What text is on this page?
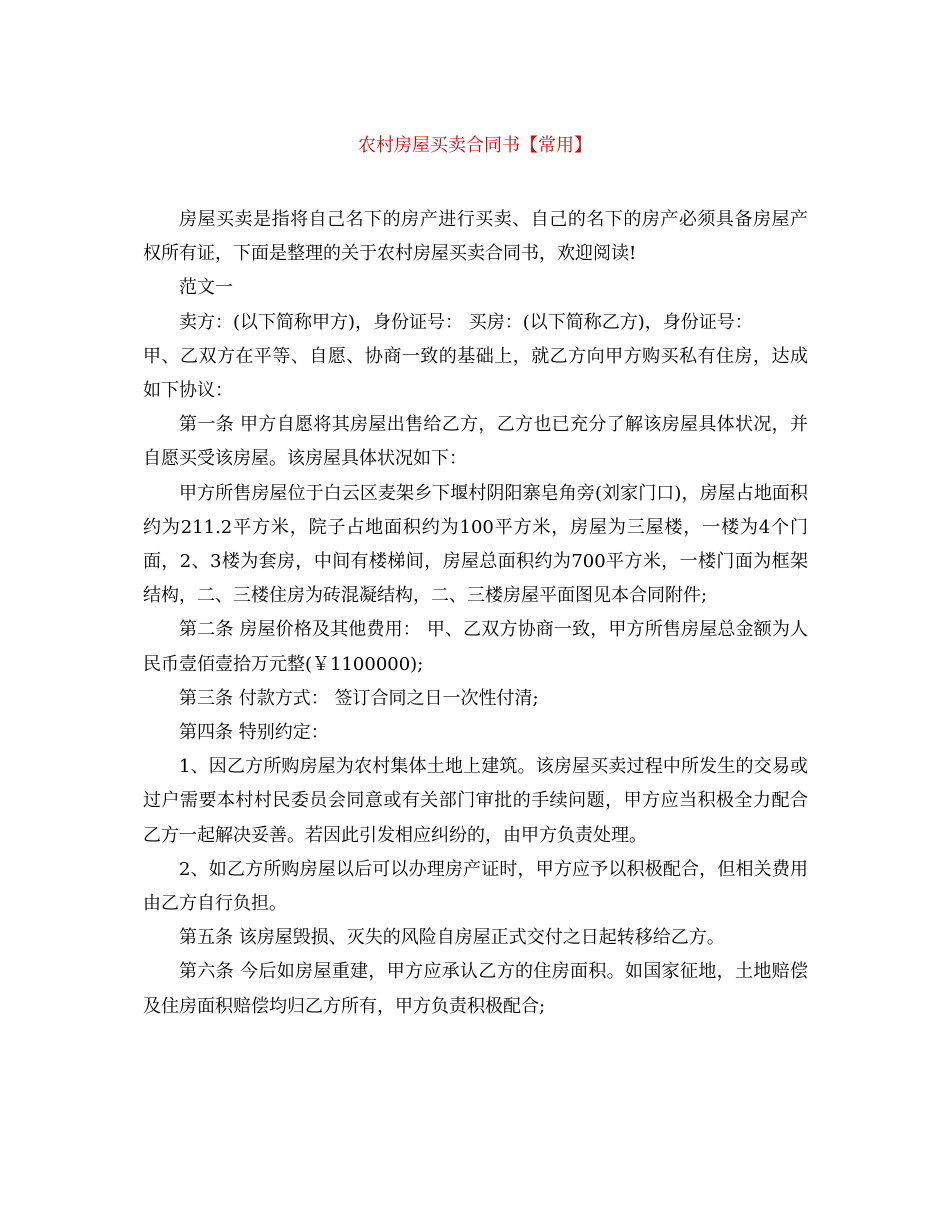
农村房屋买卖合同书【常用】

房屋买卖是指将自己名下的房产进行买卖、自己的名下的房产必须具备房屋产权所有证，下面是整理的关于农村房屋买卖合同书，欢迎阅读!

范文一

卖方：(以下简称甲方)，身份证号： 买房：(以下简称乙方)，身份证号：

甲、乙双方在平等、自愿、协商一致的基础上，就乙方向甲方购买私有住房，达成如下协议：

第一条 甲方自愿将其房屋出售给乙方，乙方也已充分了解该房屋具体状况，并自愿买受该房屋。该房屋具体状况如下：

甲方所售房屋位于白云区麦架乡下堰村阴阳寨皂角旁(刘家门口)，房屋占地面积约为211.2平方米，院子占地面积约为100平方米，房屋为三屋楼，一楼为4个门面，2、3楼为套房，中间有楼梯间，房屋总面积约为700平方米，一楼门面为框架结构，二、三楼住房为砖混凝结构，二、三楼房屋平面图见本合同附件;

第二条 房屋价格及其他费用： 甲、乙双方协商一致，甲方所售房屋总金额为人民币壹佰壹拾万元整(￥1100000);

第三条 付款方式： 签订合同之日一次性付清;

第四条 特别约定：

1、因乙方所购房屋为农村集体土地上建筑。该房屋买卖过程中所发生的交易或过户需要本村村民委员会同意或有关部门审批的手续问题，甲方应当积极全力配合乙方一起解决妥善。若因此引发相应纠纷的，由甲方负责处理。

2、如乙方所购房屋以后可以办理房产证时，甲方应予以积极配合，但相关费用由乙方自行负担。

第五条 该房屋毁损、灭失的风险自房屋正式交付之日起转移给乙方。

第六条 今后如房屋重建，甲方应承认乙方的住房面积。如国家征地，土地赔偿及住房面积赔偿均归乙方所有，甲方负责积极配合;
